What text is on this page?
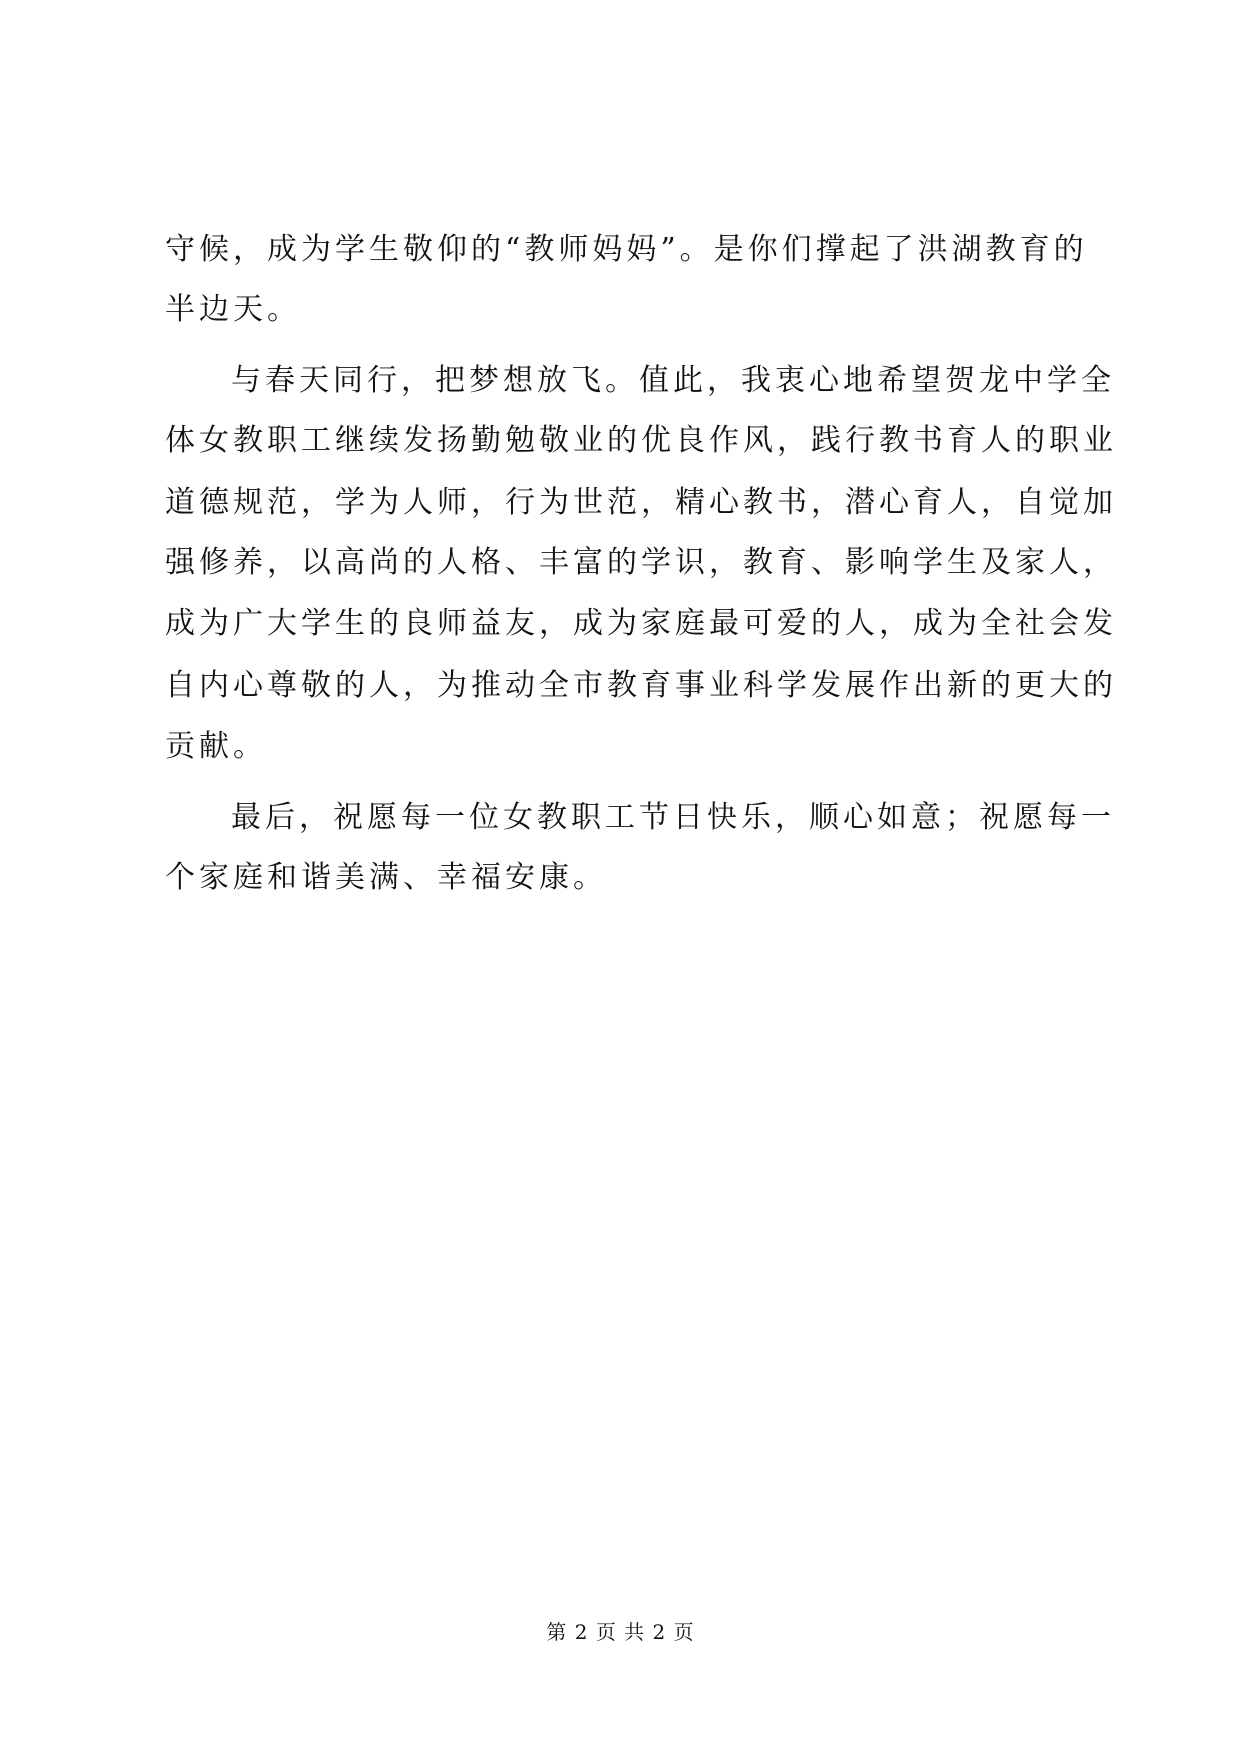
守候，成为学生敬仰的“教师妈妈”。是你们撑起了洪湖教育的
半边天。
与春天同行，把梦想放飞。值此，我衷心地希望贺龙中学全
体女教职工继续发扬勤勉敬业的优良作风，践行教书育人的职业
道德规范，学为人师，行为世范，精心教书，潜心育人，自觉加
强修养，以高尚的人格、丰富的学识，教育、影响学生及家人，
成为广大学生的良师益友，成为家庭最可爱的人，成为全社会发
自内心尊敬的人，为推动全市教育事业科学发展作出新的更大的
贡献。
最后，祝愿每一位女教职工节日快乐，顺心如意；祝愿每一
个家庭和谐美满、幸福安康。
第 2 页 共 2 页
